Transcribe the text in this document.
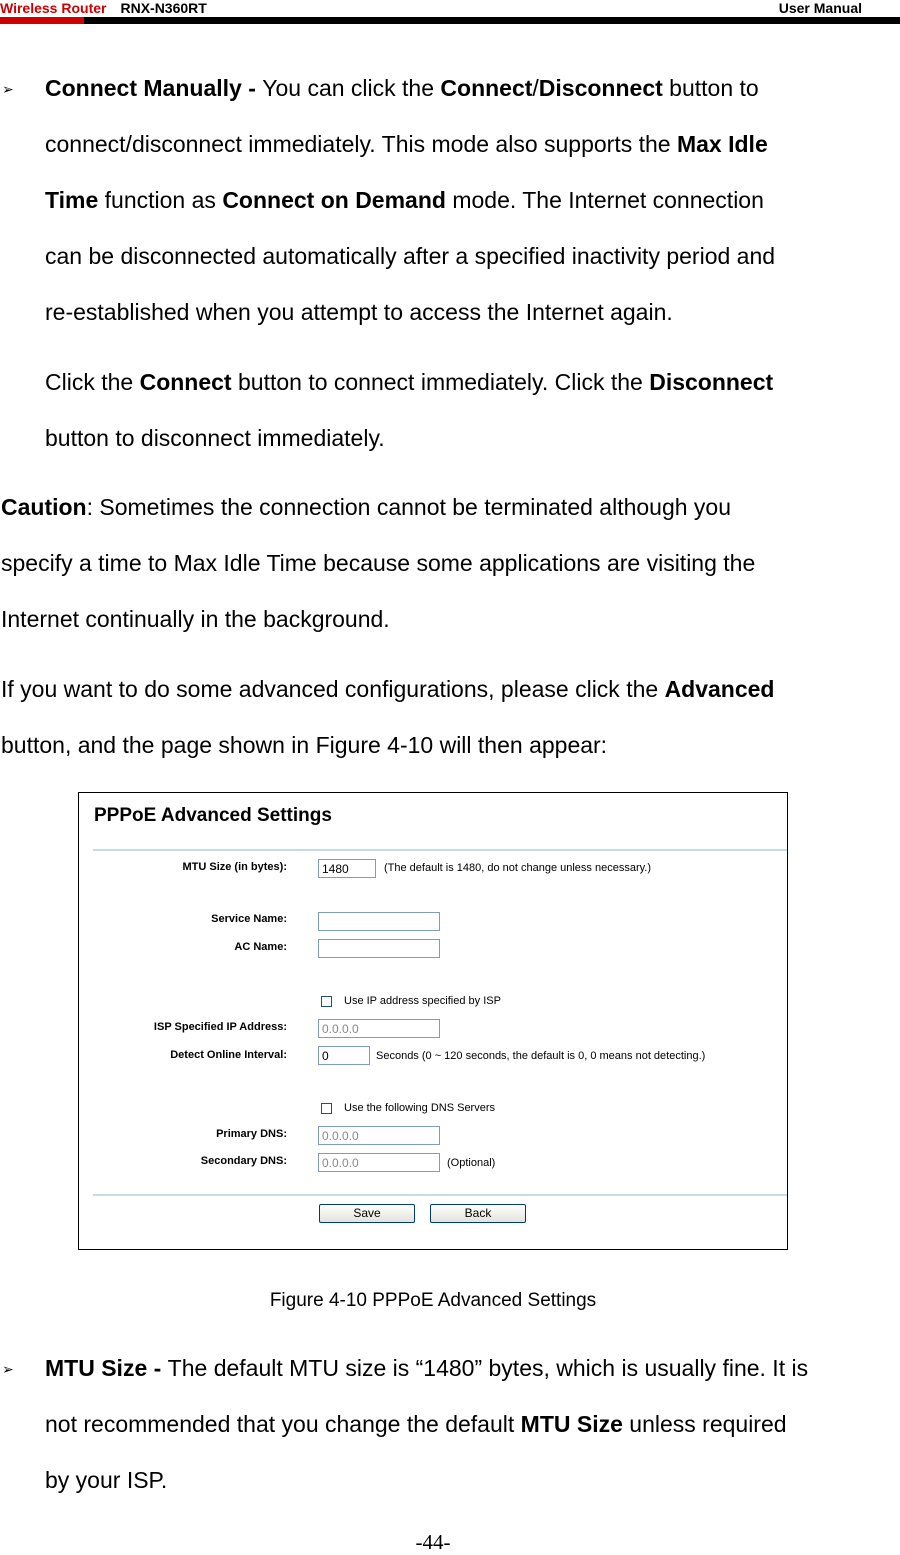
Wireless Router RNX-N360RT	User Manual
➢ Connect Manually - You can click the Connect/Disconnect button to
connect/disconnect immediately. This mode also supports the Max Idle
Time function as Connect on Demand mode. The Internet connection
can be disconnected automatically after a specified inactivity period and
re-established when you attempt to access the Internet again.
Click the Connect button to connect immediately. Click the Disconnect
button to disconnect immediately.
Caution: Sometimes the connection cannot be terminated although you
specify a time to Max Idle Time because some applications are visiting the
Internet continually in the background.
If you want to do some advanced configurations, please click the Advanced
button, and the page shown in Figure 4-10 will then appear:
PPPoE Advanced Settings
MTU Size (in bytes):	1480	(The default is 1480, do not change unless necessary.)
Service Name:
AC Name:
Use IP address specified by ISP
ISP Specified IP Address:	0.0.0.0
Detect Online Interval:	0	Seconds (0 ~ 120 seconds, the default is 0, 0 means not detecting.)
Use the following DNS Servers
Primary DNS:	0.0.0.0
Secondary DNS:	0.0.0.0	(Optional)
Save	Back
Figure 4-10 PPPoE Advanced Settings
➢ MTU Size - The default MTU size is “1480” bytes, which is usually fine. It is
not recommended that you change the default MTU Size unless required
by your ISP.
-44-
